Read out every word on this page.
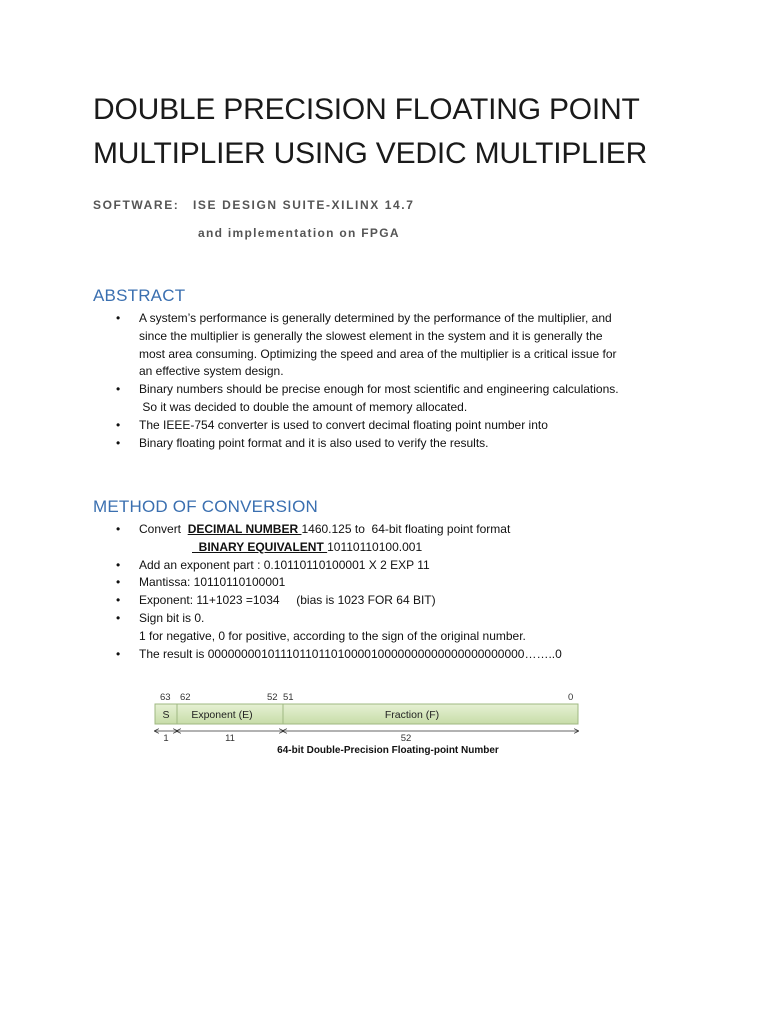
DOUBLE PRECISION FLOATING POINT
MULTIPLIER USING VEDIC MULTIPLIER
SOFTWARE: ISE DESIGN SUITE-XILINX 14.7
and implementation on FPGA
ABSTRACT
• A system’s performance is generally determined by the performance of the multiplier, and
since the multiplier is generally the slowest element in the system and it is generally the
most area consuming. Optimizing the speed and area of the multiplier is a critical issue for
an effective system design.
• Binary numbers should be precise enough for most scientific and engineering calculations.
So it was decided to double the amount of memory allocated.
• The IEEE-754 converter is used to convert decimal floating point number into
• Binary floating point format and it is also used to verify the results.
METHOD OF CONVERSION
• Convert  DECIMAL NUMBER 1460.125 to  64-bit floating point format
BINARY EQUIVALENT 10110110100.001
• Add an exponent part : 0.10110110100001 X 2 EXP 11
• Mantissa: 10110110100001
• Exponent: 11+1023 =1034     (bias is 1023 FOR 64 BIT)
• Sign bit is 0.
1 for negative, 0 for positive, according to the sign of the original number.
• The result is 000000001011101101101000010000000000000000000000……..0
63 62	52 51	0
S Exponent (E)	Fraction (F)
1	11	52
64-bit Double-Precision Floating-point Number
